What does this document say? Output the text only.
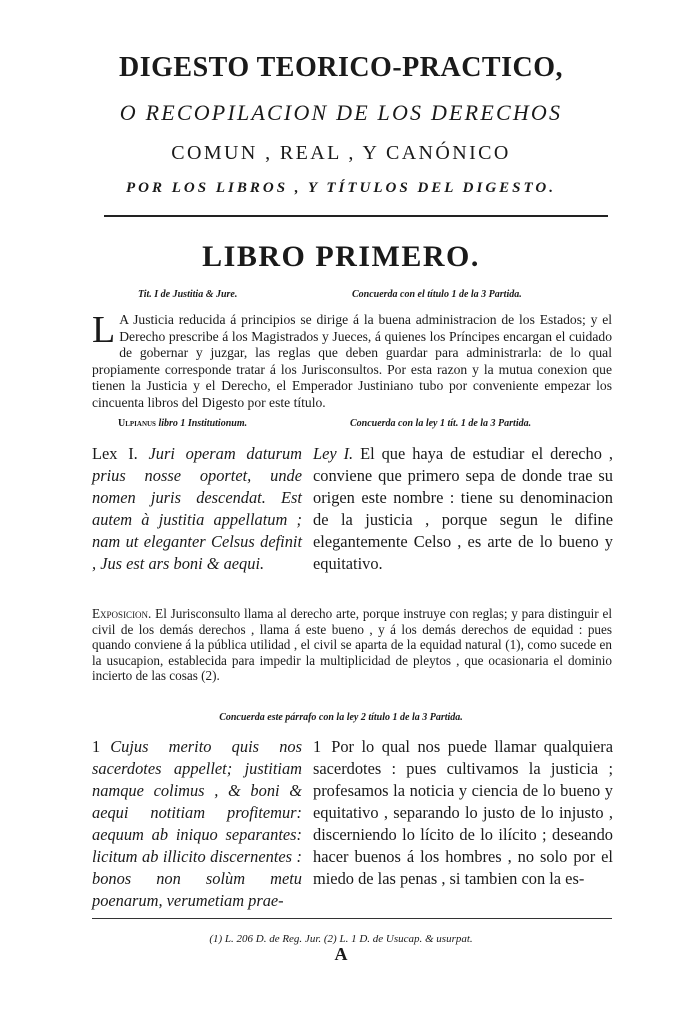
DIGESTO TEORICO-PRACTICO,
O RECOPILACION DE LOS DERECHOS
COMUN , REAL , Y CANÓNICO
POR LOS LIBROS , Y TÍTULOS DEL DIGESTO.
LIBRO PRIMERO.
Tit. I de Justitia & Jure.	Concuerda con el título 1 de la 3 Partida.
L A Justicia reducida á principios se dirige á la buena administracion de los Estados; y el Derecho prescribe á los Magistrados y Jueces, á quienes los Príncipes encargan el cuidado de gobernar y juzgar, las reglas que deben guardar para administrarla: de lo qual propiamente corresponde tratar á los Jurisconsultos. Por esta razon y la mutua conexion que tienen la Justicia y el Derecho, el Emperador Justiniano tubo por conveniente empezar los cincuenta libros del Digesto por este título.
Ulpianus libro 1 Institutionum.	Concuerda con la ley 1 tít. 1 de la 3 Partida.
Lex I. Juri operam daturum prius nosse oportet, unde nomen juris descendat. Est autem à justitia appellatum ; nam ut eleganter Celsus definit , Jus est ars boni & aequi.
Ley I. El que haya de estudiar el derecho , conviene que primero sepa de donde trae su origen este nombre : tiene su denominacion de la justicia , porque segun le difine elegantemente Celso , es arte de lo bueno y equitativo.
Exposicion. El Jurisconsulto llama al derecho arte, porque instruye con reglas; y para distinguir el civil de los demás derechos , llama á este bueno , y á los demás derechos de equidad : pues quando conviene á la pública utilidad , el civil se aparta de la equidad natural (1), como sucede en la usucapion, establecida para impedir la multiplicidad de pleytos , que ocasionaria el dominio incierto de las cosas (2).
Concuerda este párrafo con la ley 2 título 1 de la 3 Partida.
1 Cujus merito quis nos sacerdotes appellet; justitiam namque colimus , & boni & aequi notitiam profitemur: aequum ab iniquo separantes: licitum ab illicito discernentes : bonos non solùm metu poenarum, verumetiam prae-
1 Por lo qual nos puede llamar qualquiera sacerdotes : pues cultivamos la justicia ; profesamos la noticia y ciencia de lo bueno y equitativo , separando lo justo de lo injusto , discerniendo lo lícito de lo ilícito ; deseando hacer buenos á los hombres , no solo por el miedo de las penas , si tambien con la es-
(1) L. 206 D. de Reg. Jur. (2) L. 1 D. de Usucap. & usurpat.
A
